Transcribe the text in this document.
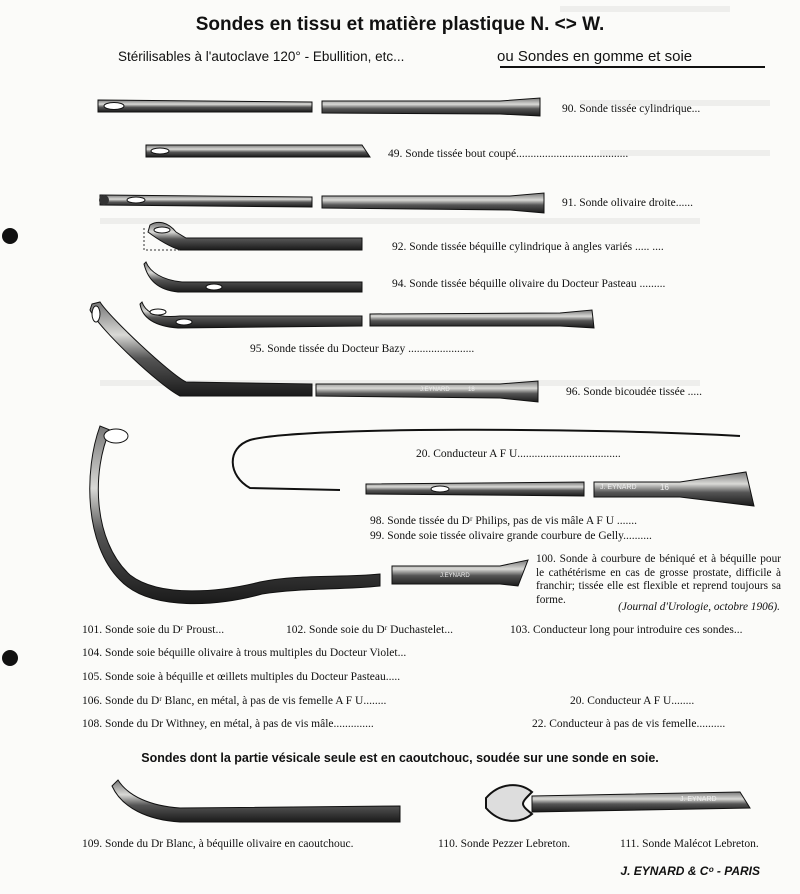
Sondes en tissu et matière plastique N. <> W.
Stérilisables à l'autoclave 120° - Ebullition, etc...	ou Sondes en gomme et soie
J. EYNARD	16
J.EYNARD	18
J.EYNARD
J. EYNARD
90. Sonde tissée cylindrique...
49. Sonde tissée bout coupé.......................................
91. Sonde olivaire droite......
92. Sonde tissée béquille cylindrique à angles variés ..... ....
94. Sonde tissée béquille olivaire du Docteur Pasteau .........
95. Sonde tissée du Docteur Bazy .......................
96. Sonde bicoudée tissée .....
20. Conducteur A F U....................................
98. Sonde tissée du Dʳ Philips, pas de vis mâle A F U .......
99. Sonde soie tissée olivaire grande courbure de Gelly..........
100. Sonde à courbure de béniqué et à béquille pour le cathétérisme en cas de grosse prostate, difficile à franchir; tissée elle est flexible et reprend toujours sa forme.
(Journal d'Urologie, octobre 1906).
101. Sonde soie du Dʳ Proust...	102. Sonde soie du Dʳ Duchastelet...	103. Conducteur long pour introduire ces sondes...
104. Sonde soie béquille olivaire à trous multiples du Docteur Violet...
105. Sonde soie à béquille et œillets multiples du Docteur Pasteau.....
106. Sonde du Dʳ Blanc, en métal, à pas de vis femelle A F U........	20. Conducteur A F U........
108. Sonde du Dr Withney, en métal, à pas de vis mâle..............	22. Conducteur à pas de vis femelle..........
Sondes dont la partie vésicale seule est en caoutchouc, soudée sur une sonde en soie.
109. Sonde du Dr Blanc, à béquille olivaire en caoutchouc.	110. Sonde Pezzer Lebreton.	111. Sonde Malécot Lebreton.
J. EYNARD & Cᵒ - PARIS
